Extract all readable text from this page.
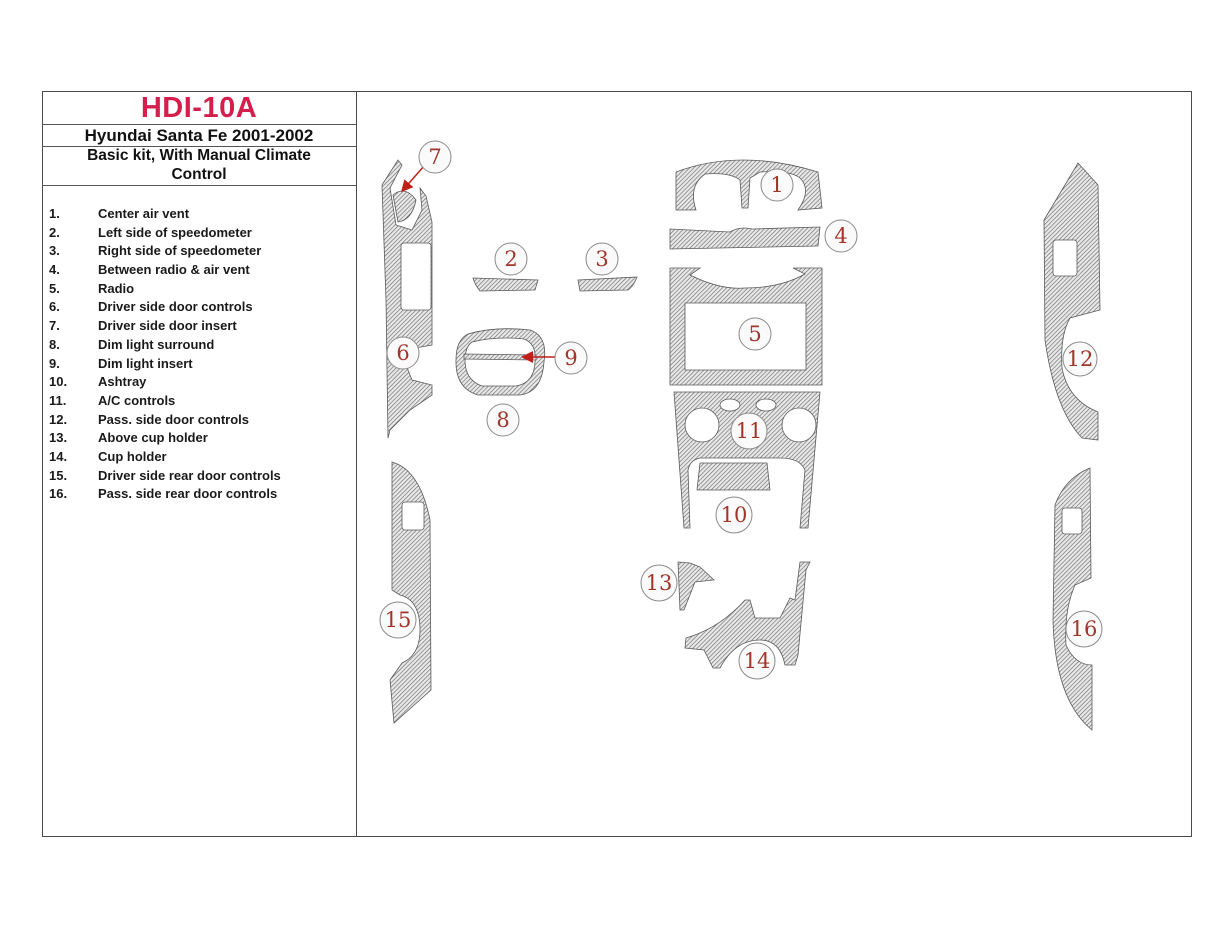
HDI-10A
Hyundai Santa Fe 2001-2002
Basic kit, With Manual Climate Control
1.	Center air vent
2.	Left side of speedometer
3.	Right side of speedometer
4.	Between radio & air vent
5.	Radio
6.	Driver side door controls
7.	Driver side door insert
8.	Dim light surround
9.	Dim light insert
10. Ashtray
11. A/C controls
12. Pass. side door controls
13. Above cup holder
14. Cup holder
15. Driver side rear door controls
16. Pass. side rear door controls
1
2	3
4
5
6
7
8
9
10
11
12
13
14
15	16
